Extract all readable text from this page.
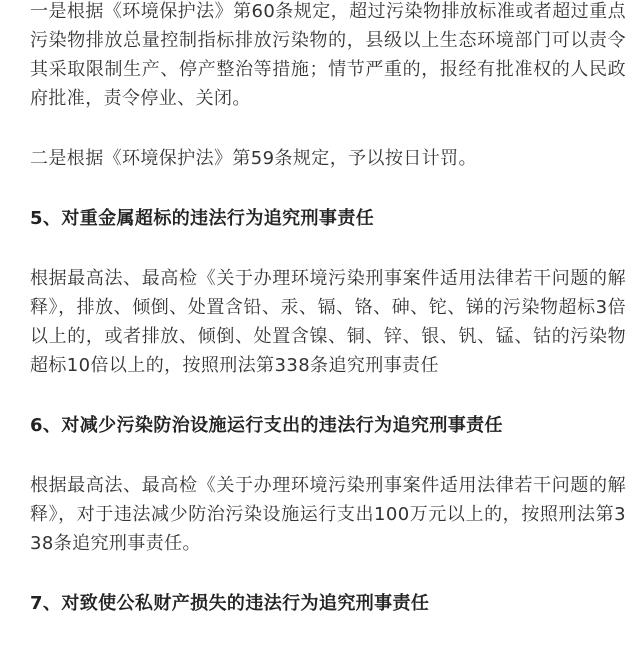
一是根据《环境保护法》第60条规定，超过污染物排放标准或者超过重点污染物排放总量控制指标排放污染物的，县级以上生态环境部门可以责令其采取限制生产、停产整治等措施；情节严重的，报经有批准权的人民政府批准，责令停业、关闭。

二是根据《环境保护法》第59条规定，予以按日计罚。

5、对重金属超标的违法行为追究刑事责任

根据最高法、最高检《关于办理环境污染刑事案件适用法律若干问题的解释》，排放、倾倒、处置含铅、汞、镉、铬、砷、铊、锑的污染物超标3倍以上的，或者排放、倾倒、处置含镍、铜、锌、银、钒、锰、钴的污染物超标10倍以上的，按照刑法第338条追究刑事责任

6、对减少污染防治设施运行支出的违法行为追究刑事责任

根据最高法、最高检《关于办理环境污染刑事案件适用法律若干问题的解释》，对于违法减少防治污染设施运行支出100万元以上的，按照刑法第338条追究刑事责任。

7、对致使公私财产损失的违法行为追究刑事责任
